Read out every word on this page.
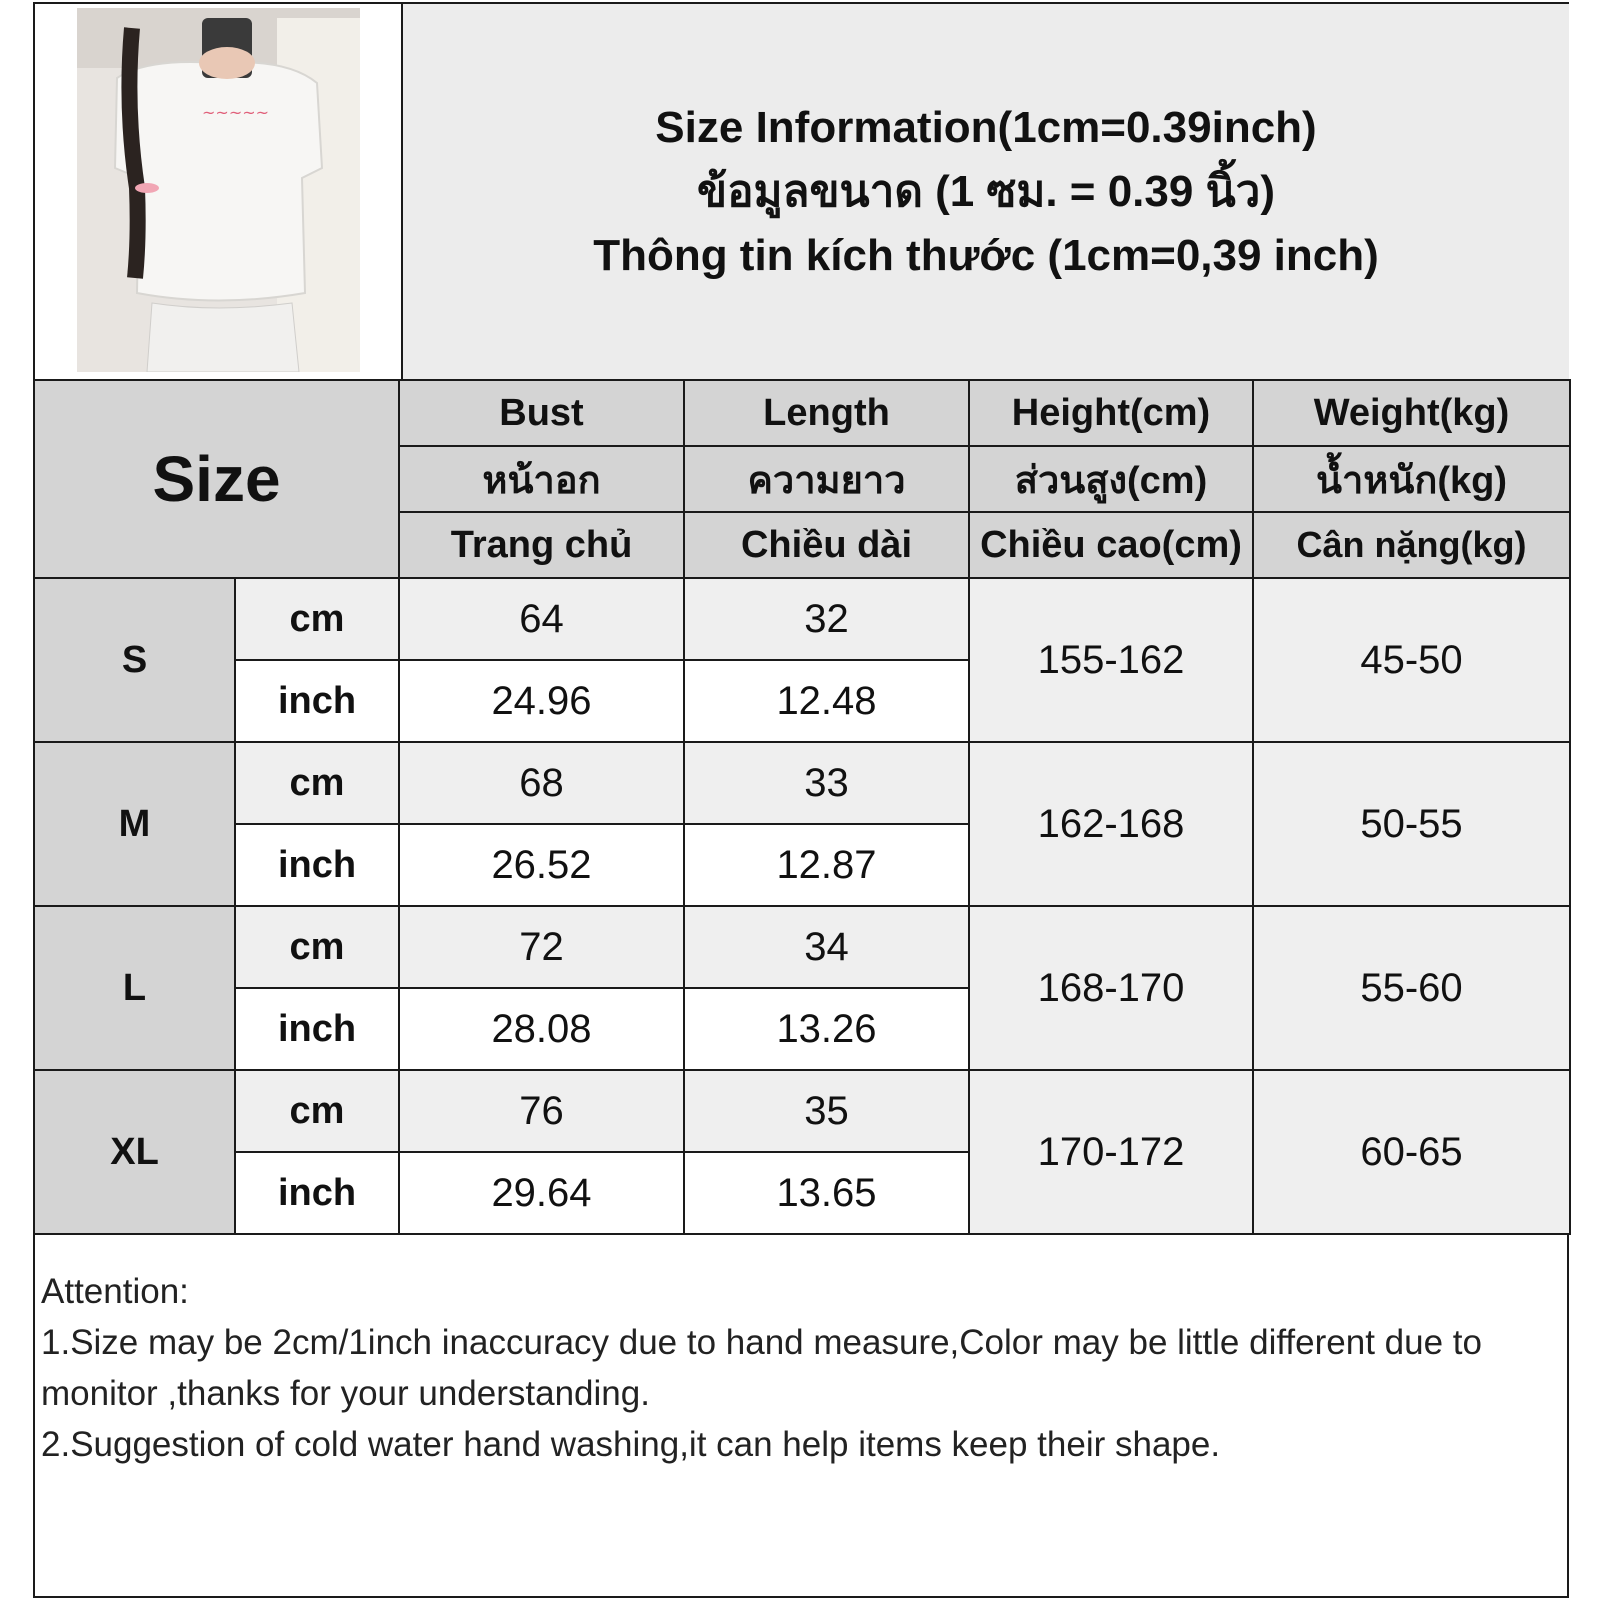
~~~~~	Size Information(1cm=0.39inch)
ข้อมูลขนาด (1 ซม. = 0.39 นิ้ว)
Thông tin kích thước (1cm=0,39 inch)
Size		Bust	Length	Height(cm)	Weight(kg)
		หน้าอก	ความยาว	ส่วนสูง(cm)	น้ำหนัก(kg)
		Trang chủ	Chiều dài	Chiều cao(cm)	Cân nặng(kg)
S	cm	64	32	155-162	45-50
	inch	24.96	12.48		
M	cm	68	33	162-168	50-55
	inch	26.52	12.87		
L	cm	72	34	168-170	55-60
	inch	28.08	13.26		
XL	cm	76	35	170-172	60-65
	inch	29.64	13.65		

Attention:

1.Size may be 2cm/1inch inaccuracy due to hand measure,Color may be little different due to monitor ,thanks for your understanding.

2.Suggestion of cold water hand washing,it can help items keep their shape.
